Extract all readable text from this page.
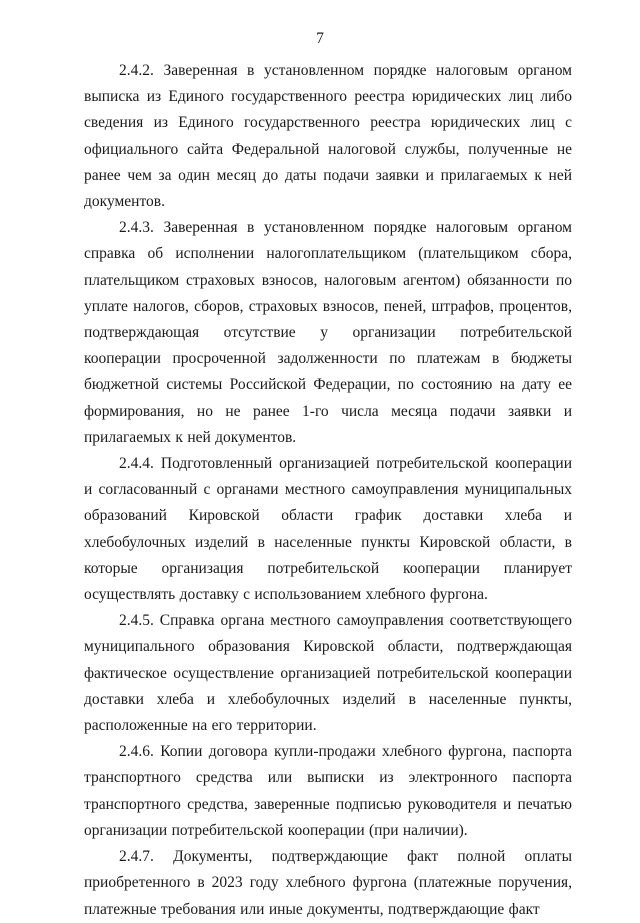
7

2.4.2. Заверенная в установленном порядке налоговым органом выписка из Единого государственного реестра юридических лиц либо сведения из Единого государственного реестра юридических лиц с официального сайта Федеральной налоговой службы, полученные не ранее чем за один месяц до даты подачи заявки и прилагаемых к ней документов.

2.4.3. Заверенная в установленном порядке налоговым органом справка об исполнении налогоплательщиком (плательщиком сбора, плательщиком страховых взносов, налоговым агентом) обязанности по уплате налогов, сборов, страховых взносов, пеней, штрафов, процентов, подтверждающая отсутствие у организации потребительской кооперации просроченной задолженности по платежам в бюджеты бюджетной системы Российской Федерации, по состоянию на дату ее формирования, но не ранее 1-го числа месяца подачи заявки и прилагаемых к ней документов.

2.4.4. Подготовленный организацией потребительской кооперации и согласованный с органами местного самоуправления муниципальных образований Кировской области график доставки хлеба и хлебобулочных изделий в населенные пункты Кировской области, в которые организация потребительской кооперации планирует осуществлять доставку с использованием хлебного фургона.

2.4.5. Справка органа местного самоуправления соответствующего муниципального образования Кировской области, подтверждающая фактическое осуществление организацией потребительской кооперации доставки хлеба и хлебобулочных изделий в населенные пункты, расположенные на его территории.

2.4.6. Копии договора купли-продажи хлебного фургона, паспорта транспортного средства или выписки из электронного паспорта транспортного средства, заверенные подписью руководителя и печатью организации потребительской кооперации (при наличии).

2.4.7. Документы, подтверждающие факт полной оплаты приобретенного в 2023 году хлебного фургона (платежные поручения, платежные требования или иные документы, подтверждающие факт
